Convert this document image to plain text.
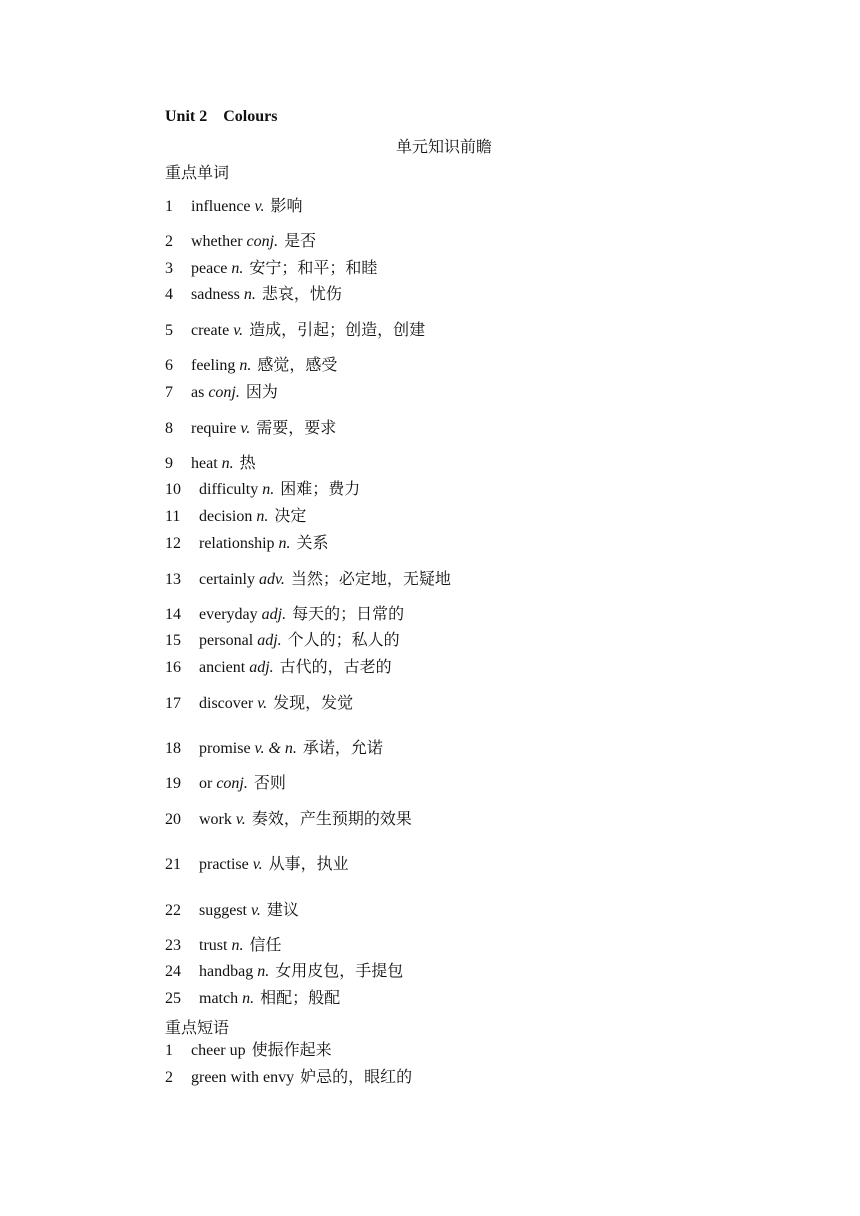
Unit 2    Colours
单元知识前瞻
重点单词
1 influence v. 影响
2 whether conj. 是否
3 peace n. 安宁；和平；和睦
4 sadness n. 悲哀，忧伤
5 create v. 造成，引起；创造，创建
6 feeling n. 感觉，感受
7 as conj. 因为
8 require v. 需要，要求
9 heat n. 热
10 difficulty n. 困难；费力
11 decision n. 决定
12 relationship n. 关系
13 certainly adv. 当然；必定地，无疑地
14 everyday adj. 每天的；日常的
15 personal adj. 个人的；私人的
16 ancient adj. 古代的，古老的
17 discover v. 发现，发觉
18 promise v. & n. 承诺，允诺
19 or conj. 否则
20 work v. 奏效，产生预期的效果
21 practise v. 从事，执业
22 suggest v. 建议
23 trust n. 信任
24 handbag n. 女用皮包，手提包
25 match n. 相配；般配
重点短语
1 cheer up 使振作起来
2 green with envy 妒忌的，眼红的
